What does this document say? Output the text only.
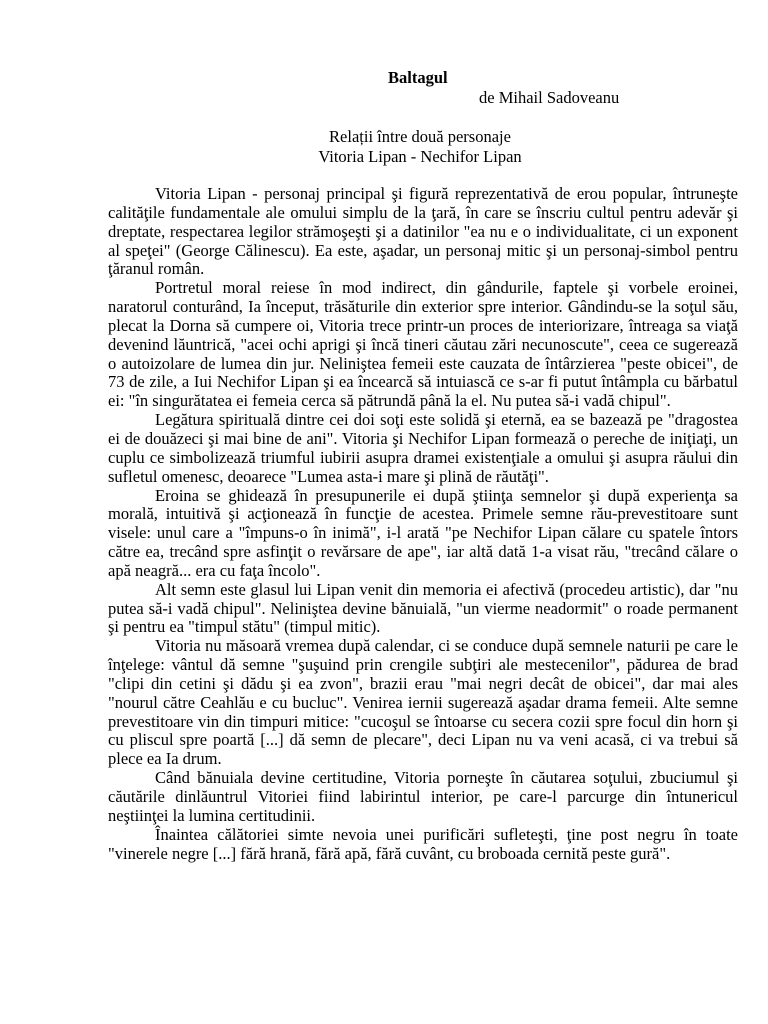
Baltagul
de Mihail Sadoveanu
Relații între două personaje
Vitoria Lipan - Nechifor Lipan

Vitoria Lipan - personaj principal şi figură reprezentativă de erou popular, întruneşte calităţile fundamentale ale omului simplu de la ţară, în care se înscriu cultul pentru adevăr şi dreptate, respectarea legilor strămoşeşti şi a datinilor "ea nu e o individualitate, ci un exponent al speţei" (George Călinescu). Ea este, aşadar, un personaj mitic şi un personaj-simbol pentru ţăranul român.

Portretul moral reiese în mod indirect, din gândurile, faptele şi vorbele eroinei, naratorul conturând, Ia început, trăsăturile din exterior spre interior. Gândindu-se la soţul său, plecat la Dorna să cumpere oi, Vitoria trece printr-un proces de interiorizare, întreaga sa viaţă devenind lăuntrică, "acei ochi aprigi şi încă tineri căutau zări necunoscute", ceea ce sugerează o autoizolare de lumea din jur. Neliniştea femeii este cauzata de întârzierea "peste obicei", de 73 de zile, a Iui Nechifor Lipan şi ea încearcă să intuiască ce s-ar fi putut întâmpla cu bărbatul ei: "în singurătatea ei femeia cerca să pătrundă până la el. Nu putea să-i vadă chipul".

Legătura spirituală dintre cei doi soţi este solidă şi eternă, ea se bazează pe "dragostea ei de douăzeci şi mai bine de ani". Vitoria şi Nechifor Lipan formează o pereche de iniţiaţi, un cuplu ce simbolizează triumful iubirii asupra dramei existenţiale a omului şi asupra răului din sufletul omenesc, deoarece "Lumea asta-i mare şi plină de răutăţi".

Eroina se ghidează în presupunerile ei după ştiinţa semnelor şi după experienţa sa morală, intuitivă şi acţionează în funcţie de acestea. Primele semne rău-prevestitoare sunt visele: unul care a "împuns-o în inimă", i-l arată "pe Nechifor Lipan călare cu spatele întors către ea, trecând spre asfinţit o revărsare de ape", iar altă dată 1-a visat rău, "trecând călare o apă neagră... era cu faţa încolo".

Alt semn este glasul lui Lipan venit din memoria ei afectivă (procedeu artistic), dar "nu putea să-i vadă chipul". Neliniştea devine bănuială, "un vierme neadormit" o roade permanent şi pentru ea "timpul stătu" (timpul mitic).

Vitoria nu măsoară vremea după calendar, ci se conduce după semnele naturii pe care le înţelege: vântul dă semne "şuşuind prin crengile subţiri ale mestecenilor", pădurea de brad "clipi din cetini şi dădu şi ea zvon", brazii erau "mai negri decât de obicei", dar mai ales "nourul către Ceahlău e cu bucluc". Venirea iernii sugerează aşadar drama femeii. Alte semne prevestitoare vin din timpuri mitice: "cucoşul se întoarse cu secera cozii spre focul din horn şi cu pliscul spre poartă [...] dă semn de plecare", deci Lipan nu va veni acasă, ci va trebui să plece ea Ia drum.

Când bănuiala devine certitudine, Vitoria porneşte în căutarea soţului, zbuciumul şi căutările dinlăuntrul Vitoriei fiind labirintul interior, pe care-l parcurge din întunericul neştiinţei la lumina certitudinii.

Înaintea călătoriei simte nevoia unei purificări sufleteşti, ţine post negru în toate "vinerele negre [...] fără hrană, fără apă, fără cuvânt, cu broboada cernită peste gură".
